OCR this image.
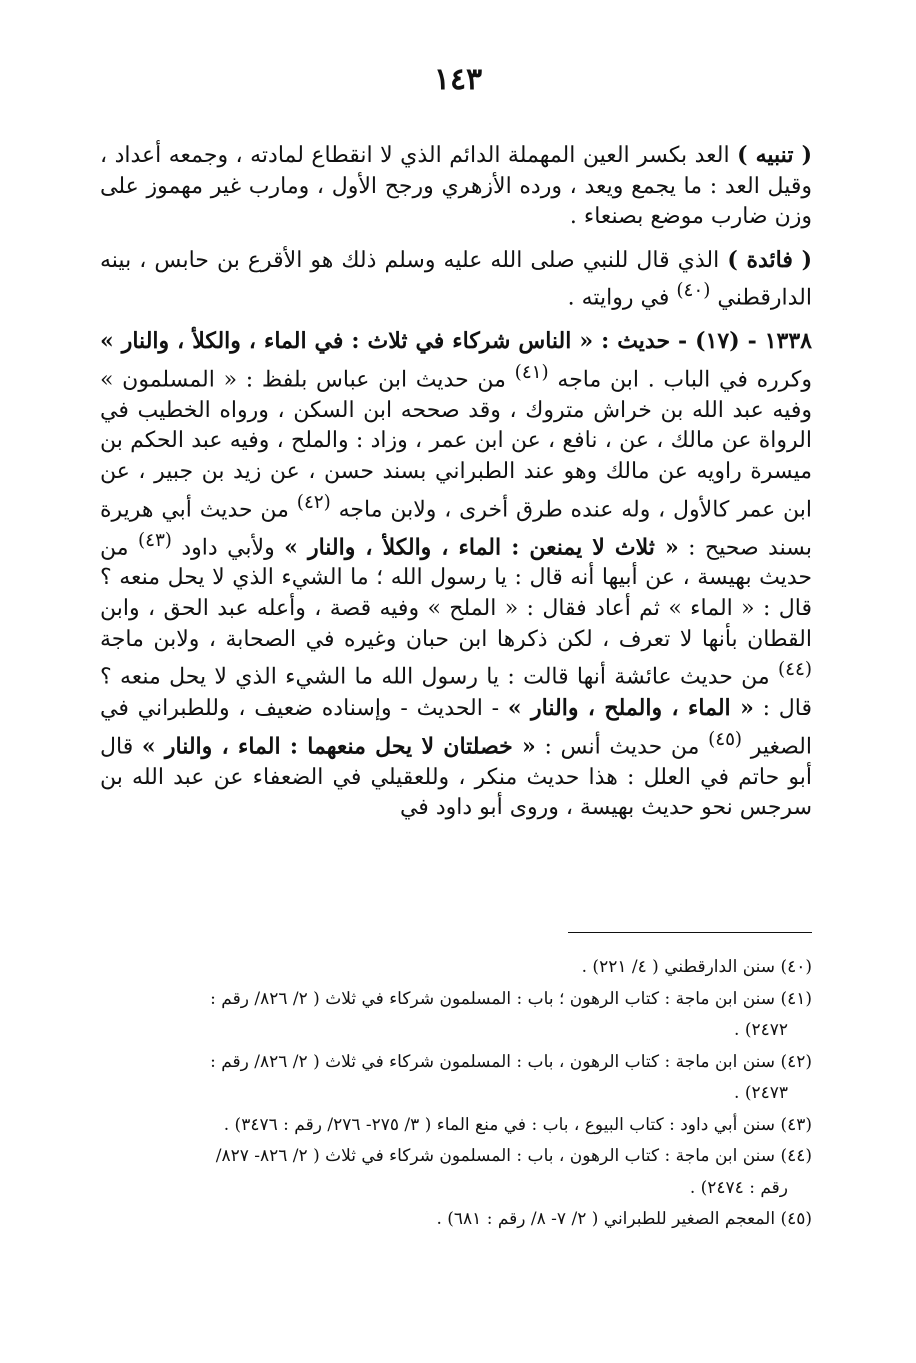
١٤٣

( تنبيه ) العد بكسر العين المهملة الدائم الذي لا انقطاع لمادته ، وجمعه أعداد ، وقيل العد : ما يجمع ويعد ، ورده الأزهري ورجح الأول ، ومارب غير مهموز على وزن ضارب موضع بصنعاء .

( فائدة ) الذي قال للنبي صلى الله عليه وسلم ذلك هو الأقرع بن حابس ، بينه الدارقطني $^{(٤٠)}$ في روايته .

١٣٣٨ - (١٧) - حديث : « الناس شركاء في ثلاث : في الماء ، والكلأ ، والنار » وكرره في الباب . ابن ماجه $^{(٤١)}$ من حديث ابن عباس بلفظ : « المسلمون » وفيه عبد الله بن خراش متروك ، وقد صححه ابن السكن ، ورواه الخطيب في الرواة عن مالك ، عن ، نافع ، عن ابن عمر ، وزاد : والملح ، وفيه عبد الحكم بن ميسرة راويه عن مالك وهو عند الطبراني بسند حسن ، عن زيد بن جبير ، عن ابن عمر كالأول ، وله عنده طرق أخرى ، ولابن ماجه $^{(٤٢)}$ من حديث أبي هريرة بسند صحيح : « ثلاث لا يمنعن : الماء ، والكلأ ، والنار » ولأبي داود $^{(٤٣)}$ من حديث بهيسة ، عن أبيها أنه قال : يا رسول الله ؛ ما الشيء الذي لا يحل منعه ؟ قال : « الماء » ثم أعاد فقال : « الملح » وفيه قصة ، وأعله عبد الحق ، وابن القطان بأنها لا تعرف ، لكن ذكرها ابن حبان وغيره في الصحابة ، ولابن ماجة $^{(٤٤)}$ من حديث عائشة أنها قالت : يا رسول الله ما الشيء الذي لا يحل منعه ؟ قال : « الماء ، والملح ، والنار » - الحديث - وإسناده ضعيف ، وللطبراني في الصغير $^{(٤٥)}$ من حديث أنس : « خصلتان لا يحل منعهما : الماء ، والنار » قال أبو حاتم في العلل : هذا حديث منكر ، وللعقيلي في الضعفاء عن عبد الله بن سرجس نحو حديث بهيسة ، وروى أبو داود في

(٤٠) سنن الدارقطني ( ٤/ ٢٢١) .
(٤١) سنن ابن ماجة : كتاب الرهون ؛ باب : المسلمون شركاء في ثلاث ( ٢/ ٨٢٦/ رقم :
٢٤٧٢) .
(٤٢) سنن ابن ماجة : كتاب الرهون ، باب : المسلمون شركاء في ثلاث ( ٢/ ٨٢٦/ رقم :
٢٤٧٣) .
(٤٣) سنن أبي داود : كتاب البيوع ، باب : في منع الماء ( ٣/ ٢٧٥- ٢٧٦/ رقم : ٣٤٧٦) .
(٤٤) سنن ابن ماجة : كتاب الرهون ، باب : المسلمون شركاء في ثلاث ( ٢/ ٨٢٦- ٨٢٧/
رقم : ٢٤٧٤) .
(٤٥) المعجم الصغير للطبراني ( ٢/ ٧- ٨/ رقم : ٦٨١) .
